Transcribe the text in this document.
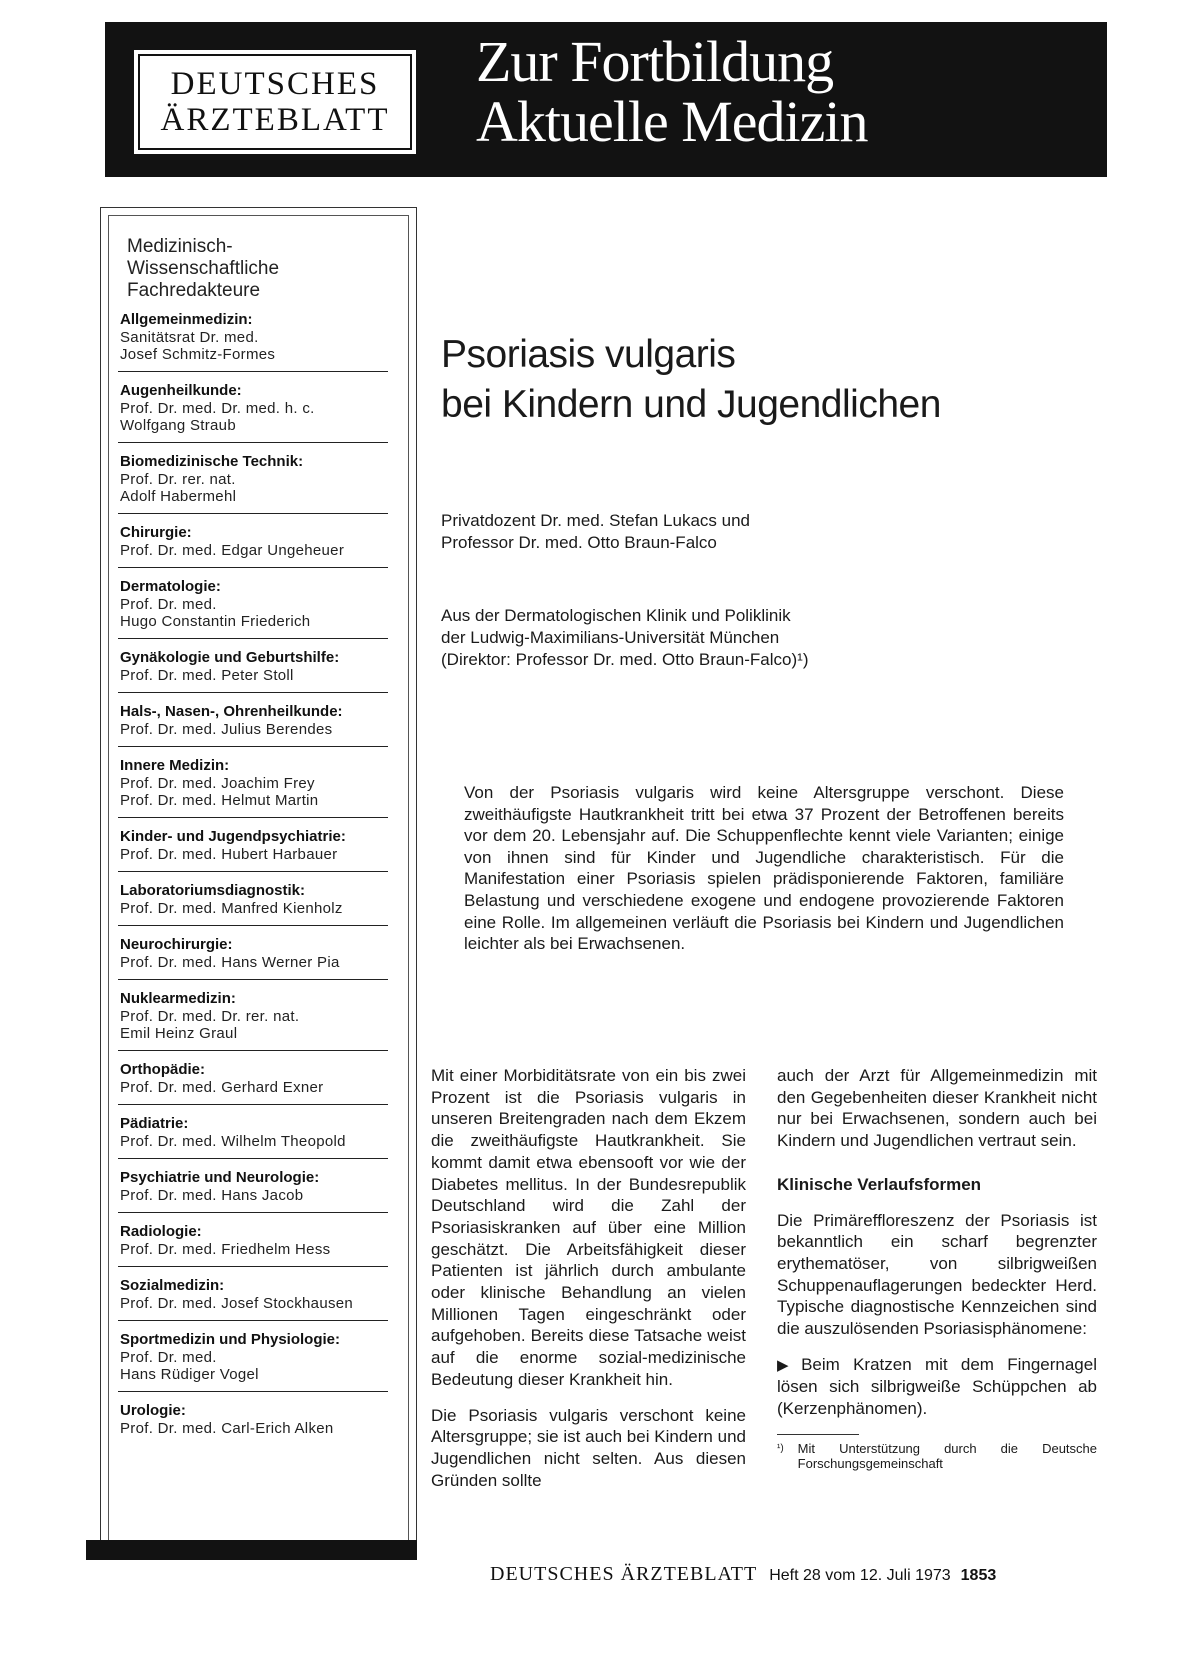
DEUTSCHES
ÄRZTEBLATT
Zur Fortbildung
Aktuelle Medizin
Medizinisch-
Wissenschaftliche
Fachredakteure
Allgemeinmedizin:
Sanitätsrat Dr. med.
Josef Schmitz-Formes
Augenheilkunde:
Prof. Dr. med. Dr. med. h. c.
Wolfgang Straub
Biomedizinische Technik:
Prof. Dr. rer. nat.
Adolf Habermehl
Chirurgie:
Prof. Dr. med. Edgar Ungeheuer
Dermatologie:
Prof. Dr. med.
Hugo Constantin Friederich
Gynäkologie und Geburtshilfe:
Prof. Dr. med. Peter Stoll
Hals-, Nasen-, Ohrenheilkunde:
Prof. Dr. med. Julius Berendes
Innere Medizin:
Prof. Dr. med. Joachim Frey
Prof. Dr. med. Helmut Martin
Kinder- und Jugendpsychiatrie:
Prof. Dr. med. Hubert Harbauer
Laboratoriumsdiagnostik:
Prof. Dr. med. Manfred Kienholz
Neurochirurgie:
Prof. Dr. med. Hans Werner Pia
Nuklearmedizin:
Prof. Dr. med. Dr. rer. nat.
Emil Heinz Graul
Orthopädie:
Prof. Dr. med. Gerhard Exner
Pädiatrie:
Prof. Dr. med. Wilhelm Theopold
Psychiatrie und Neurologie:
Prof. Dr. med. Hans Jacob
Radiologie:
Prof. Dr. med. Friedhelm Hess
Sozialmedizin:
Prof. Dr. med. Josef Stockhausen
Sportmedizin und Physiologie:
Prof. Dr. med.
Hans Rüdiger Vogel
Urologie:
Prof. Dr. med. Carl-Erich Alken
Psoriasis vulgaris
bei Kindern und Jugendlichen
Privatdozent Dr. med. Stefan Lukacs und
Professor Dr. med. Otto Braun-Falco
Aus der Dermatologischen Klinik und Poliklinik
der Ludwig-Maximilians-Universität München
(Direktor: Professor Dr. med. Otto Braun-Falco)¹)
Von der Psoriasis vulgaris wird keine Altersgruppe verschont. Diese zweithäufigste Hautkrankheit tritt bei etwa 37 Prozent der Betroffenen bereits vor dem 20. Lebensjahr auf. Die Schuppenflechte kennt viele Varianten; einige von ihnen sind für Kinder und Jugendliche charakteristisch. Für die Manifestation einer Psoriasis spielen prädisponierende Faktoren, familiäre Belastung und verschiedene exogene und endogene provozierende Faktoren eine Rolle. Im allgemeinen verläuft die Psoriasis bei Kindern und Jugendlichen leichter als bei Erwachsenen.

Mit einer Morbiditätsrate von ein bis zwei Prozent ist die Psoriasis vulgaris in unseren Breitengraden nach dem Ekzem die zweithäufigste Hautkrankheit. Sie kommt damit etwa ebensooft vor wie der Diabetes mellitus. In der Bundesrepublik Deutschland wird die Zahl der Psoriasiskranken auf über eine Million geschätzt. Die Arbeitsfähigkeit dieser Patienten ist jährlich durch ambulante oder klinische Behandlung an vielen Millionen Tagen eingeschränkt oder aufgehoben. Bereits diese Tatsache weist auf die enorme sozial-medizinische Bedeutung dieser Krankheit hin.

Die Psoriasis vulgaris verschont keine Altersgruppe; sie ist auch bei Kindern und Jugendlichen nicht selten. Aus diesen Gründen sollte

auch der Arzt für Allgemeinmedizin mit den Gegebenheiten dieser Krankheit nicht nur bei Erwachsenen, sondern auch bei Kindern und Jugendlichen vertraut sein.

Klinische Verlaufsformen

Die Primäreffloreszenz der Psoriasis ist bekanntlich ein scharf begrenzter erythematöser, von silbrigweißen Schuppenauflagerungen bedeckter Herd. Typische diagnostische Kennzeichen sind die auszulösenden Psoriasisphänomene:

▶ Beim Kratzen mit dem Fingernagel lösen sich silbrigweiße Schüppchen ab (Kerzenphänomen).

¹) Mit Unterstützung durch die Deutsche Forschungsgemeinschaft
DEUTSCHES ÄRZTEBLATT Heft 28 vom 12. Juli 1973 1853
